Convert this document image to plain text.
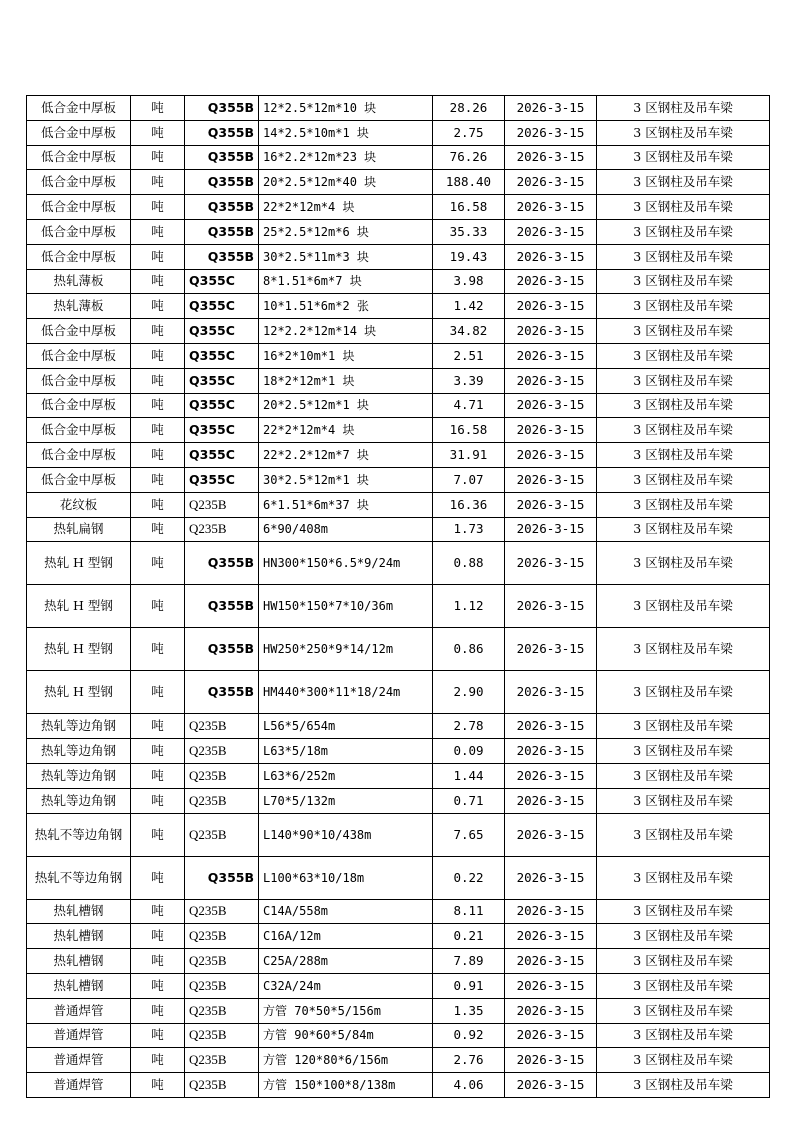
低合金中厚板	吨	Q355B	12*2.5*12m*10 块	28.26	2026-3-15	3 区钢柱及吊车梁
低合金中厚板	吨	Q355B	14*2.5*10m*1 块	2.75	2026-3-15	3 区钢柱及吊车梁
低合金中厚板	吨	Q355B	16*2.2*12m*23 块	76.26	2026-3-15	3 区钢柱及吊车梁
低合金中厚板	吨	Q355B	20*2.5*12m*40 块	188.40	2026-3-15	3 区钢柱及吊车梁
低合金中厚板	吨	Q355B	22*2*12m*4 块	16.58	2026-3-15	3 区钢柱及吊车梁
低合金中厚板	吨	Q355B	25*2.5*12m*6 块	35.33	2026-3-15	3 区钢柱及吊车梁
低合金中厚板	吨	Q355B	30*2.5*11m*3 块	19.43	2026-3-15	3 区钢柱及吊车梁
热轧薄板	吨	Q355C	8*1.51*6m*7 块	3.98	2026-3-15	3 区钢柱及吊车梁
热轧薄板	吨	Q355C	10*1.51*6m*2 张	1.42	2026-3-15	3 区钢柱及吊车梁
低合金中厚板	吨	Q355C	12*2.2*12m*14 块	34.82	2026-3-15	3 区钢柱及吊车梁
低合金中厚板	吨	Q355C	16*2*10m*1 块	2.51	2026-3-15	3 区钢柱及吊车梁
低合金中厚板	吨	Q355C	18*2*12m*1 块	3.39	2026-3-15	3 区钢柱及吊车梁
低合金中厚板	吨	Q355C	20*2.5*12m*1 块	4.71	2026-3-15	3 区钢柱及吊车梁
低合金中厚板	吨	Q355C	22*2*12m*4 块	16.58	2026-3-15	3 区钢柱及吊车梁
低合金中厚板	吨	Q355C	22*2.2*12m*7 块	31.91	2026-3-15	3 区钢柱及吊车梁
低合金中厚板	吨	Q355C	30*2.5*12m*1 块	7.07	2026-3-15	3 区钢柱及吊车梁
花纹板	吨	Q235B	6*1.51*6m*37 块	16.36	2026-3-15	3 区钢柱及吊车梁
热轧扁钢	吨	Q235B	6*90/408m	1.73	2026-3-15	3 区钢柱及吊车梁
热轧 H 型钢	吨	Q355B	HN300*150*6.5*9/24m	0.88	2026-3-15	3 区钢柱及吊车梁
热轧 H 型钢	吨	Q355B	HW150*150*7*10/36m	1.12	2026-3-15	3 区钢柱及吊车梁
热轧 H 型钢	吨	Q355B	HW250*250*9*14/12m	0.86	2026-3-15	3 区钢柱及吊车梁
热轧 H 型钢	吨	Q355B	HM440*300*11*18/24m	2.90	2026-3-15	3 区钢柱及吊车梁
热轧等边角钢	吨	Q235B	L56*5/654m	2.78	2026-3-15	3 区钢柱及吊车梁
热轧等边角钢	吨	Q235B	L63*5/18m	0.09	2026-3-15	3 区钢柱及吊车梁
热轧等边角钢	吨	Q235B	L63*6/252m	1.44	2026-3-15	3 区钢柱及吊车梁
热轧等边角钢	吨	Q235B	L70*5/132m	0.71	2026-3-15	3 区钢柱及吊车梁
热轧不等边角钢	吨	Q235B	L140*90*10/438m	7.65	2026-3-15	3 区钢柱及吊车梁
热轧不等边角钢	吨	Q355B	L100*63*10/18m	0.22	2026-3-15	3 区钢柱及吊车梁
热轧槽钢	吨	Q235B	C14A/558m	8.11	2026-3-15	3 区钢柱及吊车梁
热轧槽钢	吨	Q235B	C16A/12m	0.21	2026-3-15	3 区钢柱及吊车梁
热轧槽钢	吨	Q235B	C25A/288m	7.89	2026-3-15	3 区钢柱及吊车梁
热轧槽钢	吨	Q235B	C32A/24m	0.91	2026-3-15	3 区钢柱及吊车梁
普通焊管	吨	Q235B	方管 70*50*5/156m	1.35	2026-3-15	3 区钢柱及吊车梁
普通焊管	吨	Q235B	方管 90*60*5/84m	0.92	2026-3-15	3 区钢柱及吊车梁
普通焊管	吨	Q235B	方管 120*80*6/156m	2.76	2026-3-15	3 区钢柱及吊车梁
普通焊管	吨	Q235B	方管 150*100*8/138m	4.06	2026-3-15	3 区钢柱及吊车梁
